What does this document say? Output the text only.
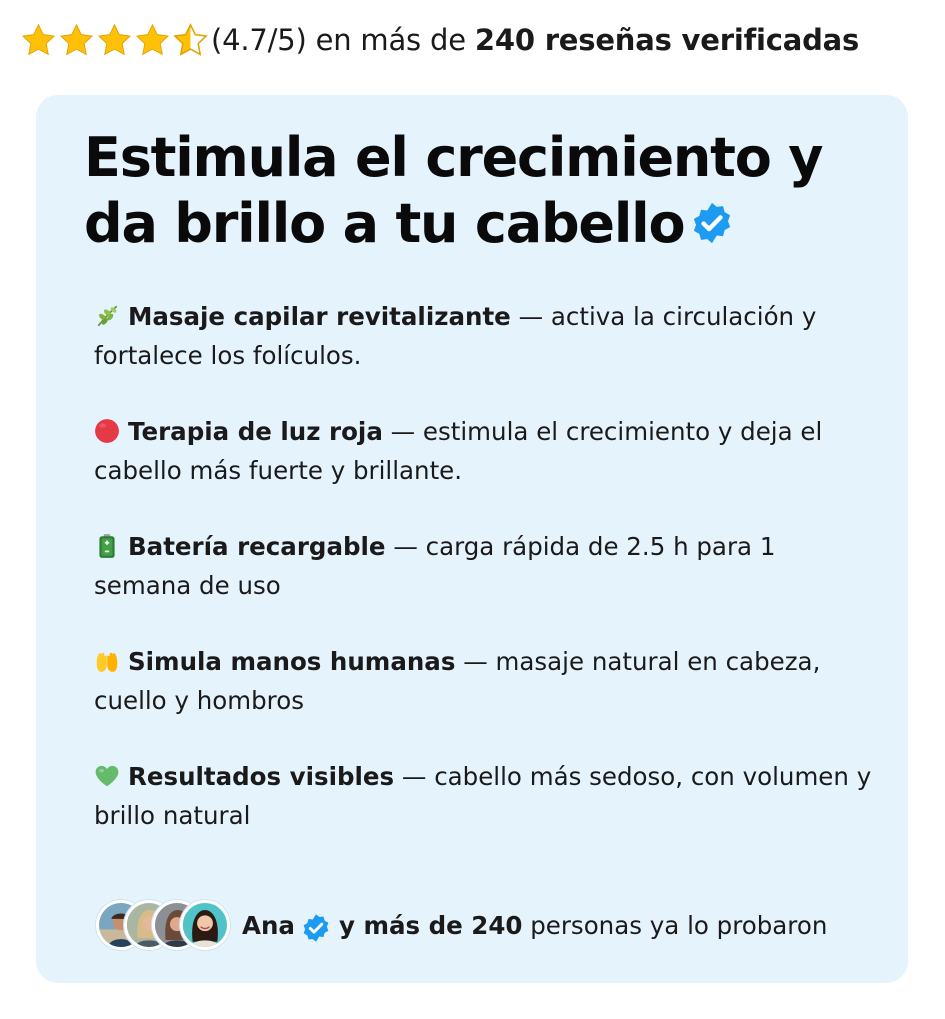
(4.7/5) en más de 240 reseñas verificadas
Estimula el crecimiento y da brillo a tu cabello

Masaje capilar revitalizante — activa la circulación y fortalece los folículos.

Terapia de luz roja — estimula el crecimiento y deja el cabello más fuerte y brillante.

Batería recargable — carga rápida de 2.5 h para 1 semana de uso

Simula manos humanas — masaje natural en cabeza, cuello y hombros

Resultados visibles — cabello más sedoso, con volumen y brillo natural

Ana y más de 240 personas ya lo probaron
